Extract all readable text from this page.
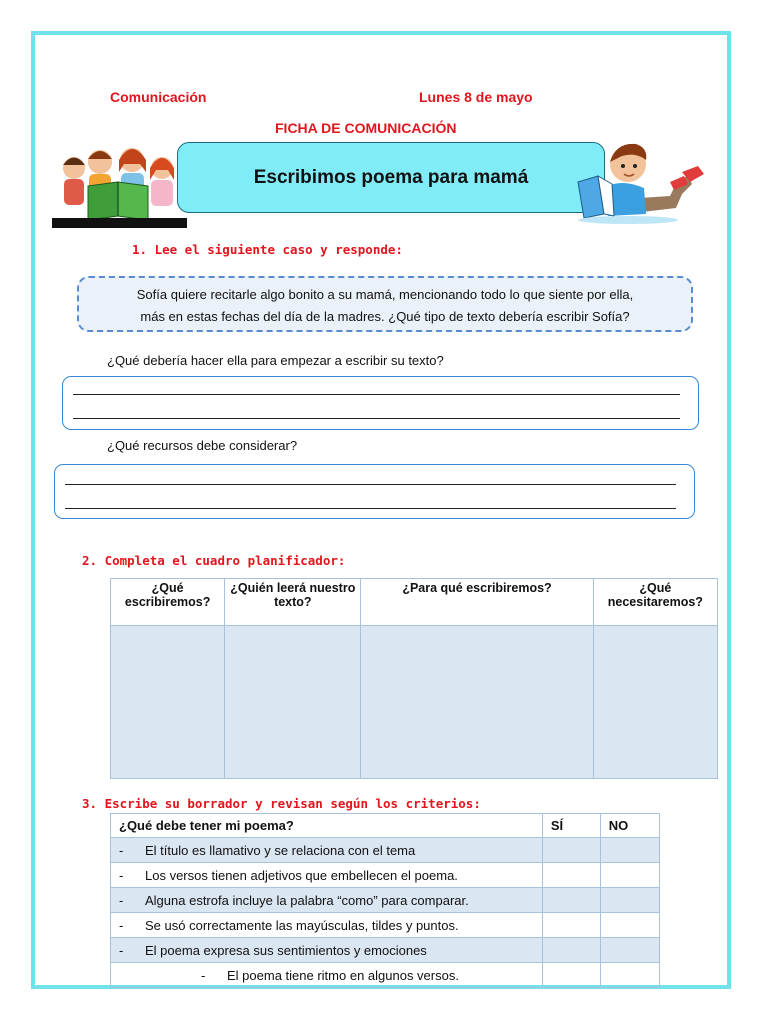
Comunicación	Lunes 8 de mayo
FICHA DE COMUNICACIÓN
Escribimos poema para mamá
1. Lee el siguiente caso y responde:
Sofía quiere recitarle algo bonito a su mamá, mencionando todo lo que siente por ella,
más en estas fechas del día de la madres. ¿Qué tipo de texto debería escribir Sofía?
¿Qué debería hacer ella para empezar a escribir su texto?
¿Qué recursos debe considerar?
2. Completa el cuadro planificador:
¿Qué escribiremos?	¿Quién leerá nuestro texto?	¿Para qué escribiremos?	¿Qué necesitaremos?

3. Escribe su borrador y revisan según los criterios:
¿Qué debe tener mi poema?	SÍ	NO
- El título es llamativo y se relaciona con el tema		
- Los versos tienen adjetivos que embellecen el poema.		
- Alguna estrofa incluye la palabra “como” para comparar.		
- Se usó correctamente las mayúsculas, tildes y puntos.		
- El poema expresa sus sentimientos y emociones		
- El poema tiene ritmo en algunos versos.		
